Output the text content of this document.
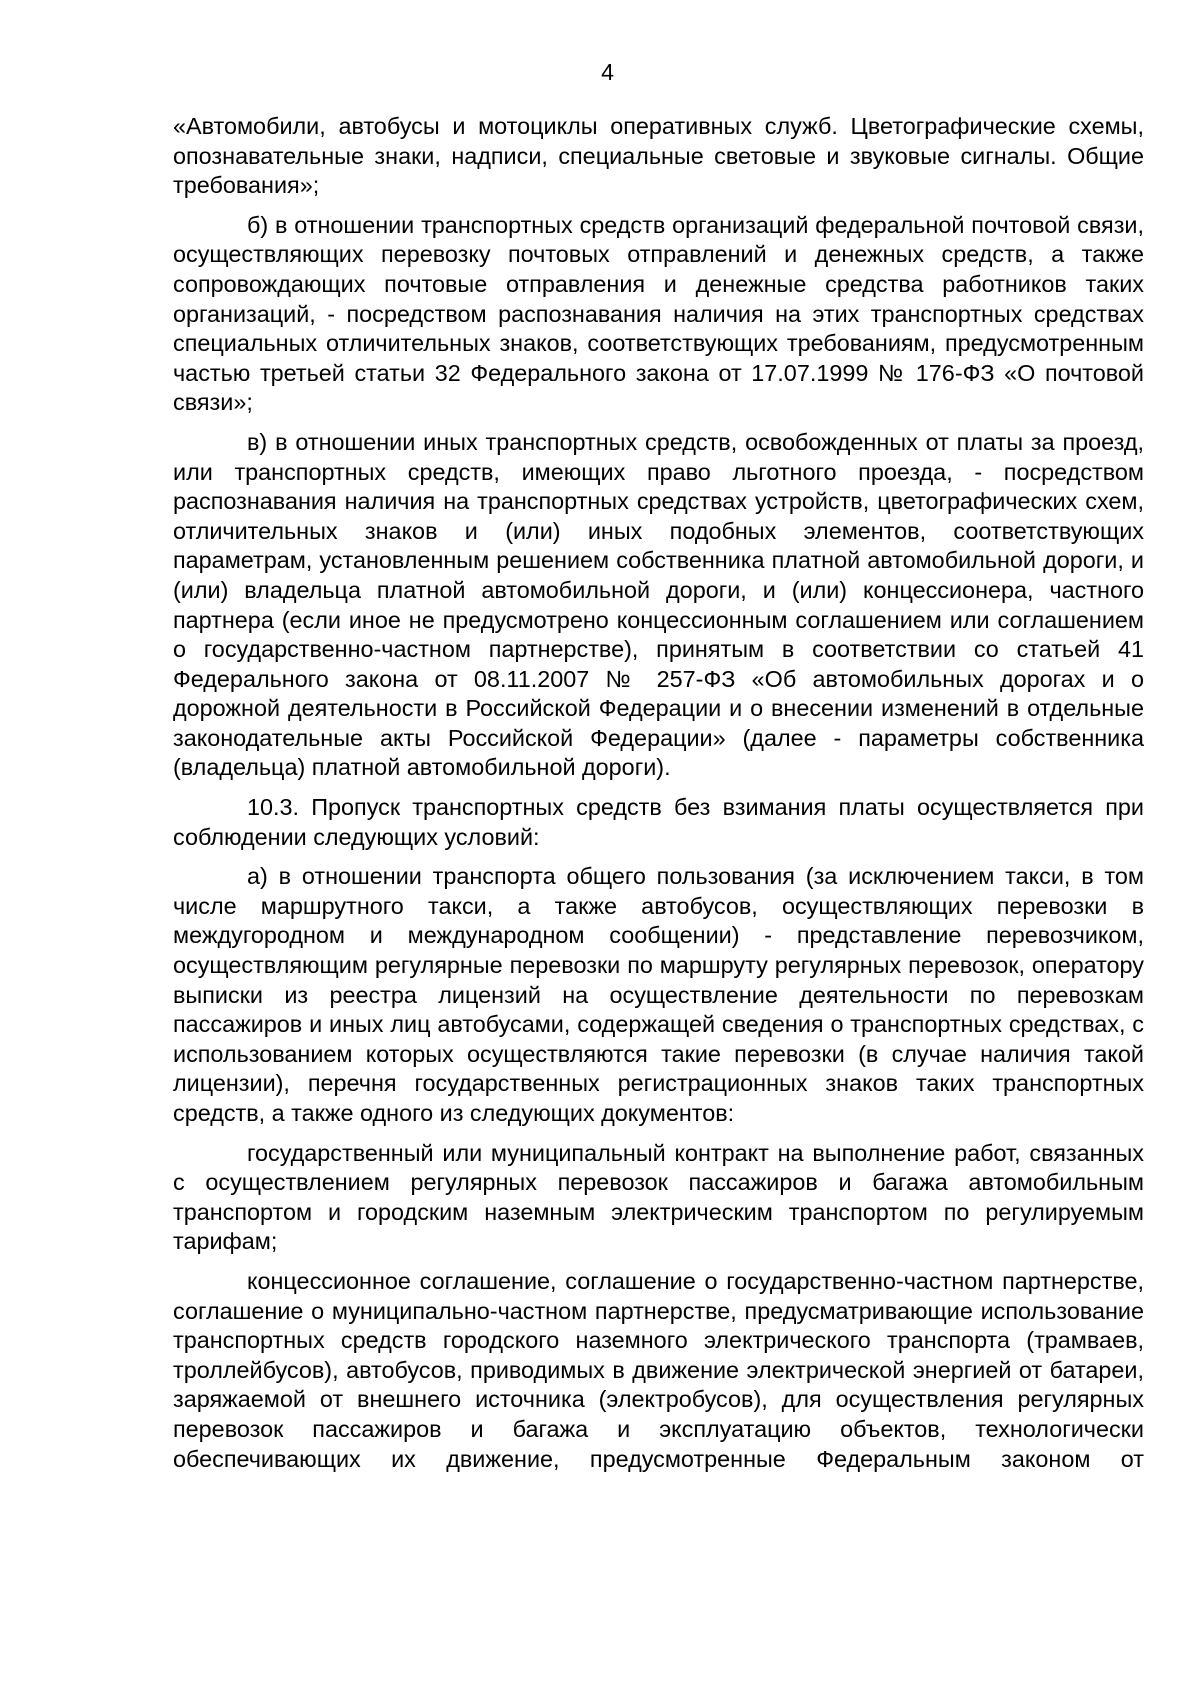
4

«Автомобили, автобусы и мотоциклы оперативных служб. Цветографические схемы, опознавательные знаки, надписи, специальные световые и звуковые сигналы. Общие требования»;

б) в отношении транспортных средств организаций федеральной почтовой связи, осуществляющих перевозку почтовых отправлений и денежных средств, а также сопровождающих почтовые отправления и денежные средства работников таких организаций, - посредством распознавания наличия на этих транспортных средствах специальных отличительных знаков, соответствующих требованиям, предусмотренным частью третьей статьи 32 Федерального закона от 17.07.1999 № 176-ФЗ «О почтовой связи»;

в) в отношении иных транспортных средств, освобожденных от платы за проезд, или транспортных средств, имеющих право льготного проезда, - посредством распознавания наличия на транспортных средствах устройств, цветографических схем, отличительных знаков и (или) иных подобных элементов, соответствующих параметрам, установленным решением собственника платной автомобильной дороги, и (или) владельца платной автомобильной дороги, и (или) концессионера, частного партнера (если иное не предусмотрено концессионным соглашением или соглашением о государственно-частном партнерстве), принятым в соответствии со статьей 41 Федерального закона от 08.11.2007 № 257-ФЗ «Об автомобильных дорогах и о дорожной деятельности в Российской Федерации и о внесении изменений в отдельные законодательные акты Российской Федерации» (далее - параметры собственника (владельца) платной автомобильной дороги).

10.3. Пропуск транспортных средств без взимания платы осуществляется при соблюдении следующих условий:

а) в отношении транспорта общего пользования (за исключением такси, в том числе маршрутного такси, а также автобусов, осуществляющих перевозки в междугородном и международном сообщении) - представление перевозчиком, осуществляющим регулярные перевозки по маршруту регулярных перевозок, оператору выписки из реестра лицензий на осуществление деятельности по перевозкам пассажиров и иных лиц автобусами, содержащей сведения о транспортных средствах, с использованием которых осуществляются такие перевозки (в случае наличия такой лицензии), перечня государственных регистрационных знаков таких транспортных средств, а также одного из следующих документов:

государственный или муниципальный контракт на выполнение работ, связанных с осуществлением регулярных перевозок пассажиров и багажа автомобильным транспортом и городским наземным электрическим транспортом по регулируемым тарифам;

концессионное соглашение, соглашение о государственно-частном партнерстве, соглашение о муниципально-частном партнерстве, предусматривающие использование транспортных средств городского наземного электрического транспорта (трамваев, троллейбусов), автобусов, приводимых в движение электрической энергией от батареи, заряжаемой от внешнего источника (электробусов), для осуществления регулярных перевозок пассажиров и багажа и эксплуатацию объектов, технологически обеспечивающих их движение, предусмотренные Федеральным законом от
